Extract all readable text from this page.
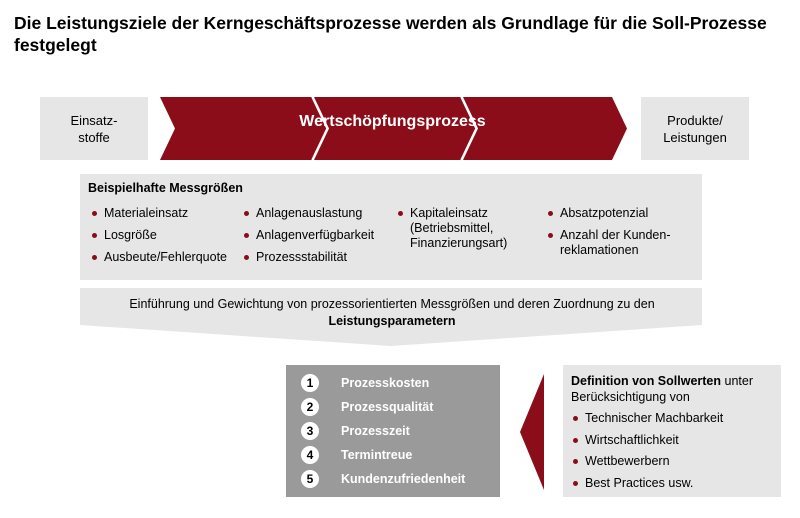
Die Leistungsziele der Kerngeschäftsprozesse werden als Grundlage für die Soll-Prozesse festgelegt
Einsatz-
stoffe
Wertschöpfungsprozess	Produkte/
Leistungen
Beispielhafte Messgrößen
Materialeinsatz
Losgröße
Ausbeute/Fehlerquote
Anlagenauslastung
Anlagenverfügbarkeit
Prozessstabilität
Kapitaleinsatz
(Betriebsmittel,
Finanzierungsart)
Absatzpotenzial
Anzahl der Kunden-
reklamationen
Einführung und Gewichtung von prozessorientierten Messgrößen und deren Zuordnung zu den
Leistungsparametern
1	Prozesskosten
2	Prozessqualität
3	Prozesszeit
4	Termintreue
5	Kundenzufriedenheit
Definition von Sollwerten unter
Berücksichtigung von
Technischer Machbarkeit
Wirtschaftlichkeit
Wettbewerbern
Best Practices usw.
